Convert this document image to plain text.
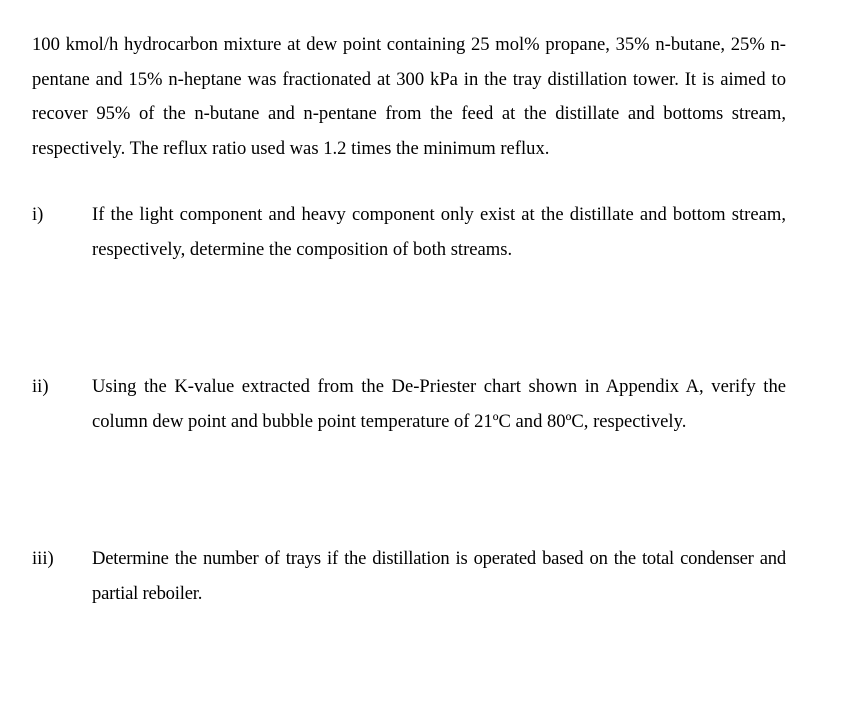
100 kmol/h hydrocarbon mixture at dew point containing 25 mol% propane, 35% n-butane, 25% n-pentane and 15% n-heptane was fractionated at 300 kPa in the tray distillation tower. It is aimed to recover 95% of the n-butane and n-pentane from the feed at the distillate and bottoms stream, respectively. The reflux ratio used was 1.2 times the minimum reflux.

i)	If the light component and heavy component only exist at the distillate and bottom stream, respectively, determine the composition of both streams.

ii) Using the K-value extracted from the De-Priester chart shown in Appendix A, verify the column dew point and bubble point temperature of 21ºC and 80ºC, respectively.

iii) Determine the number of trays if the distillation is operated based on the total condenser and partial reboiler.
